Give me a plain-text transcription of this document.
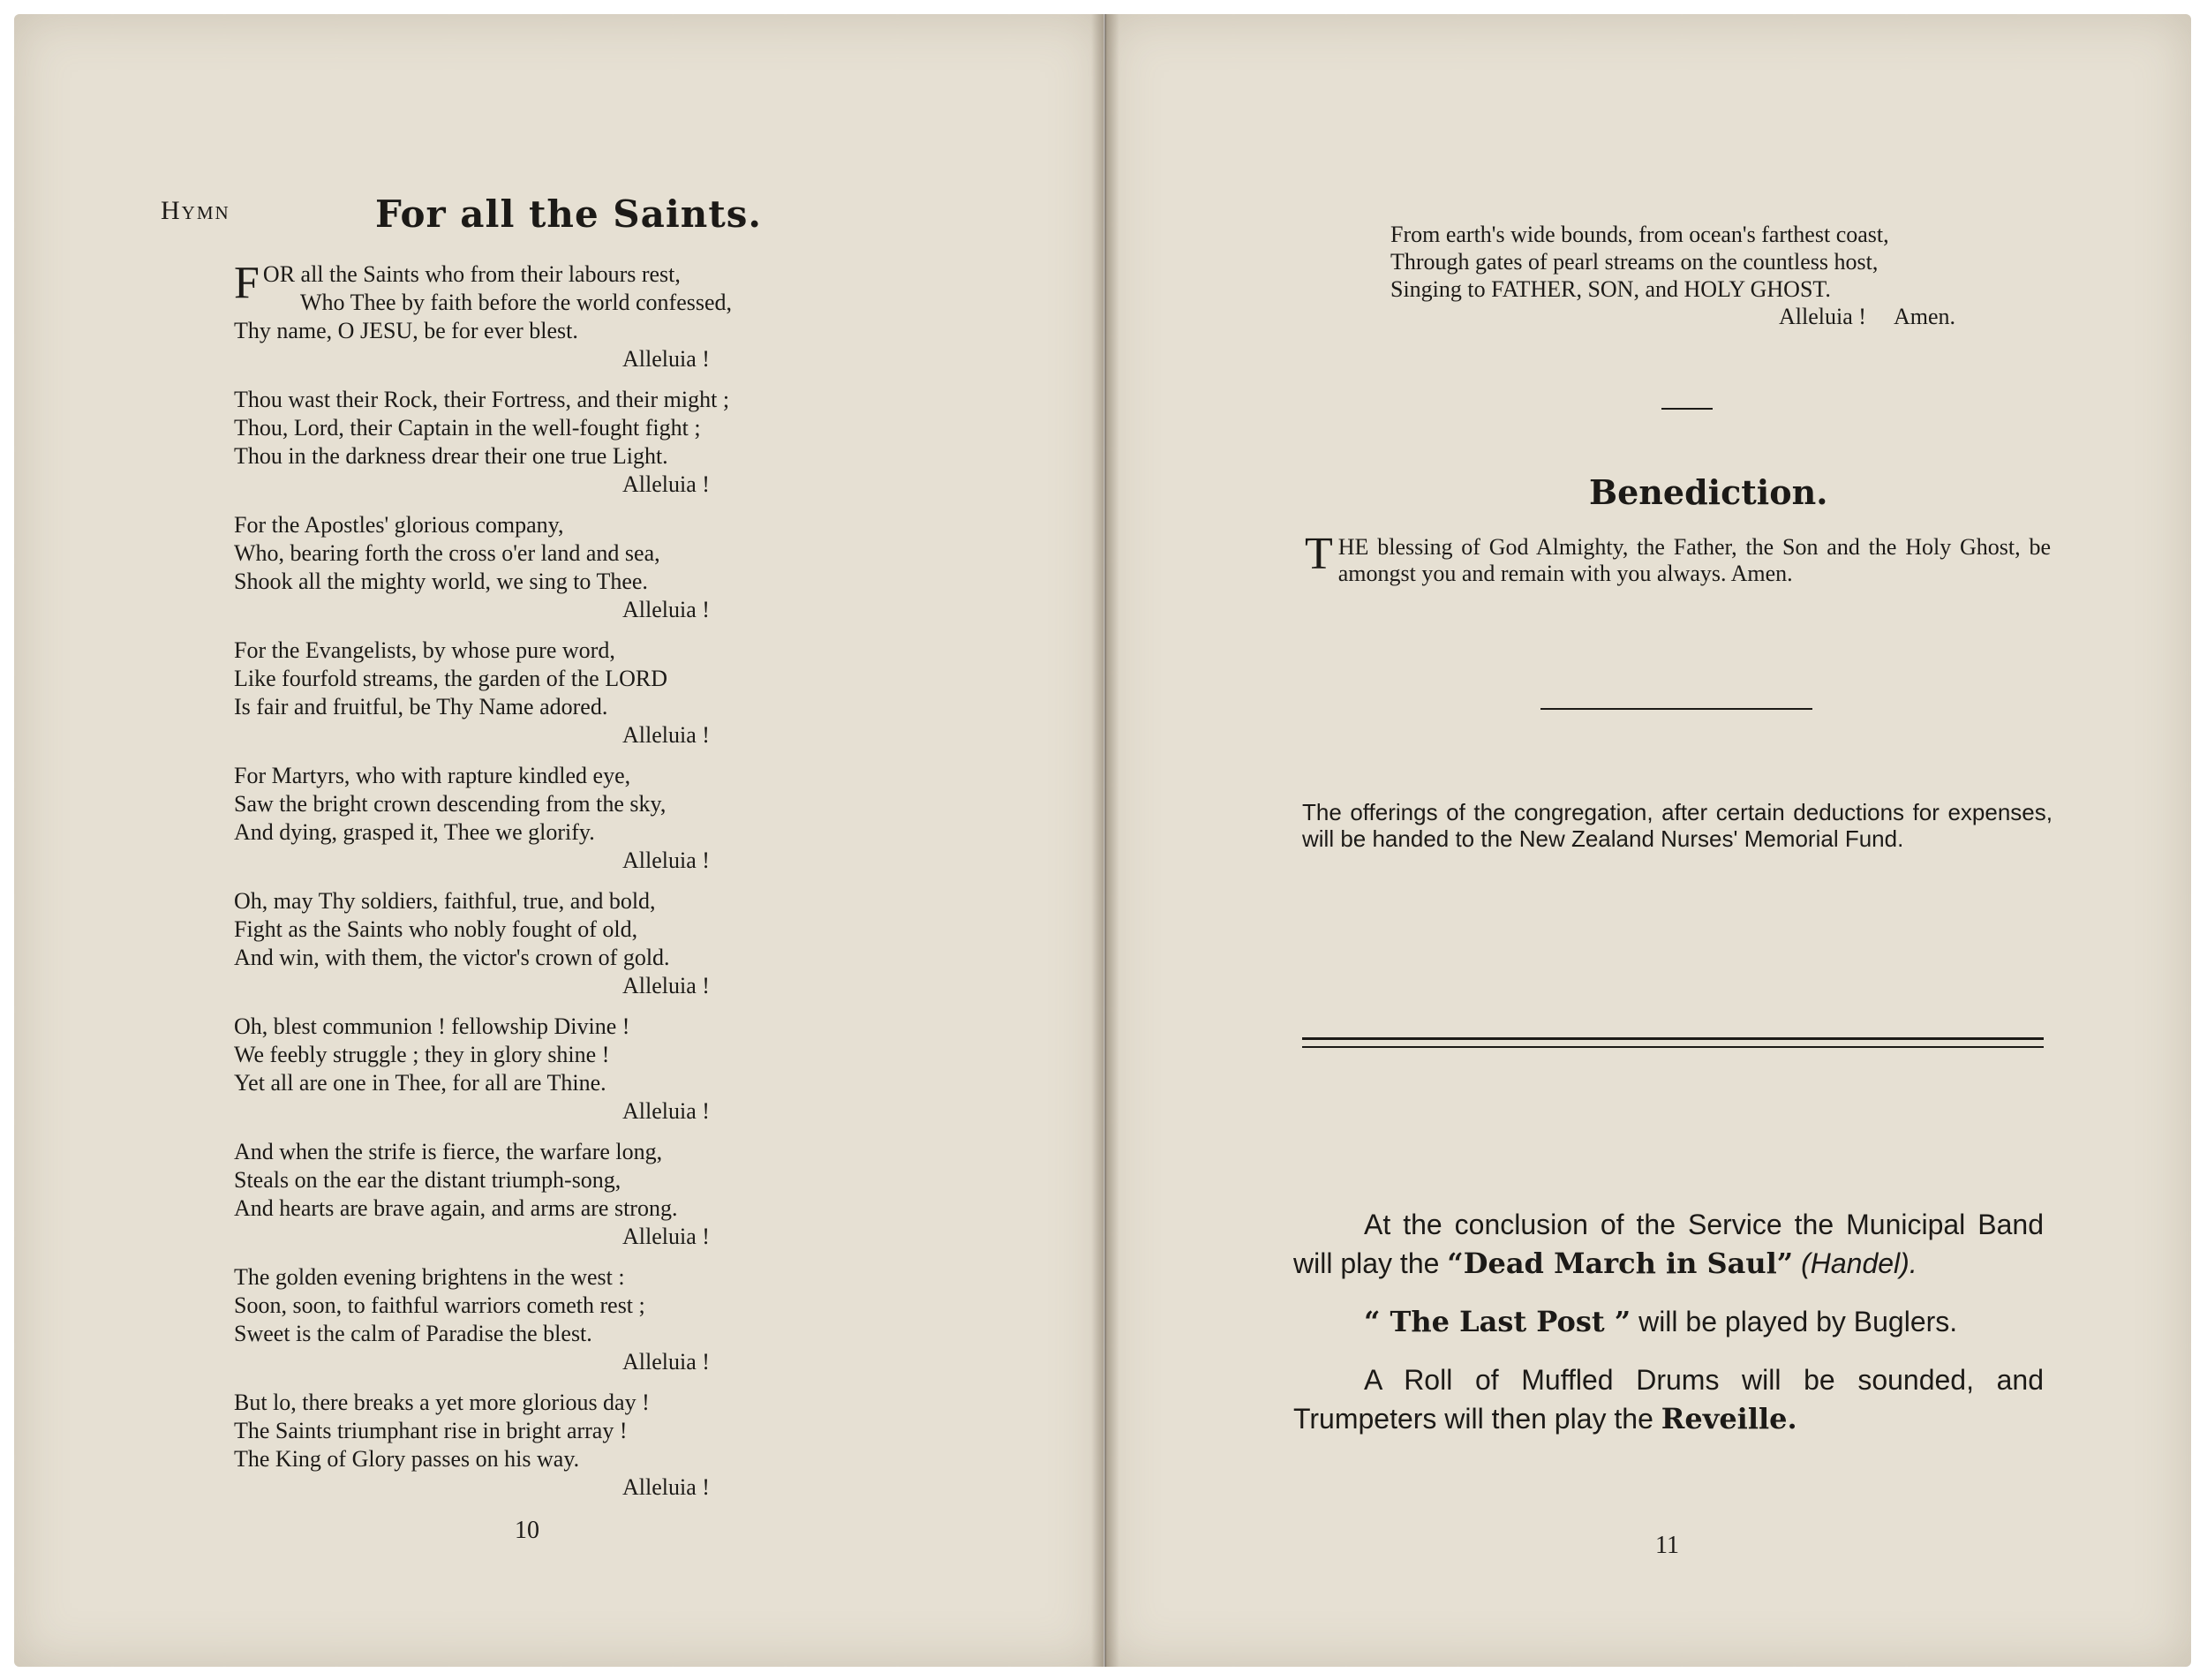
Hymn	For all the Saints.
FOR all the Saints who from their labours rest,
Who Thee by faith before the world confessed,
Thy name, O JESU, be for ever blest.
Alleluia !
Thou wast their Rock, their Fortress, and their might ;
Thou, Lord, their Captain in the well-fought fight ;
Thou in the darkness drear their one true Light.
Alleluia !
For the Apostles' glorious company,
Who, bearing forth the cross o'er land and sea,
Shook all the mighty world, we sing to Thee.
Alleluia !
For the Evangelists, by whose pure word,
Like fourfold streams, the garden of the LORD
Is fair and fruitful, be Thy Name adored.
Alleluia !
For Martyrs, who with rapture kindled eye,
Saw the bright crown descending from the sky,
And dying, grasped it, Thee we glorify.
Alleluia !
Oh, may Thy soldiers, faithful, true, and bold,
Fight as the Saints who nobly fought of old,
And win, with them, the victor's crown of gold.
Alleluia !
Oh, blest communion ! fellowship Divine !
We feebly struggle ; they in glory shine !
Yet all are one in Thee, for all are Thine.
Alleluia !
And when the strife is fierce, the warfare long,
Steals on the ear the distant triumph-song,
And hearts are brave again, and arms are strong.
Alleluia !
The golden evening brightens in the west :
Soon, soon, to faithful warriors cometh rest ;
Sweet is the calm of Paradise the blest.
Alleluia !
But lo, there breaks a yet more glorious day !
The Saints triumphant rise in bright array !
The King of Glory passes on his way.
Alleluia !
10
From earth's wide bounds, from ocean's farthest coast,
Through gates of pearl streams on the countless host,
Singing to FATHER, SON, and HOLY GHOST.
Alleluia !     Amen.
Benediction.
THE blessing of God Almighty, the Father, the Son and the Holy Ghost, be amongst you and remain with you always. Amen.
The offerings of the congregation, after certain deductions for expenses, will be handed to the New Zealand Nurses' Memorial Fund.

At the conclusion of the Service the Municipal Band will play the “Dead March in Saul” (Handel).

“ The Last Post ” will be played by Buglers.

A Roll of Muffled Drums will be sounded, and Trumpeters will then play the Reveille.

11
